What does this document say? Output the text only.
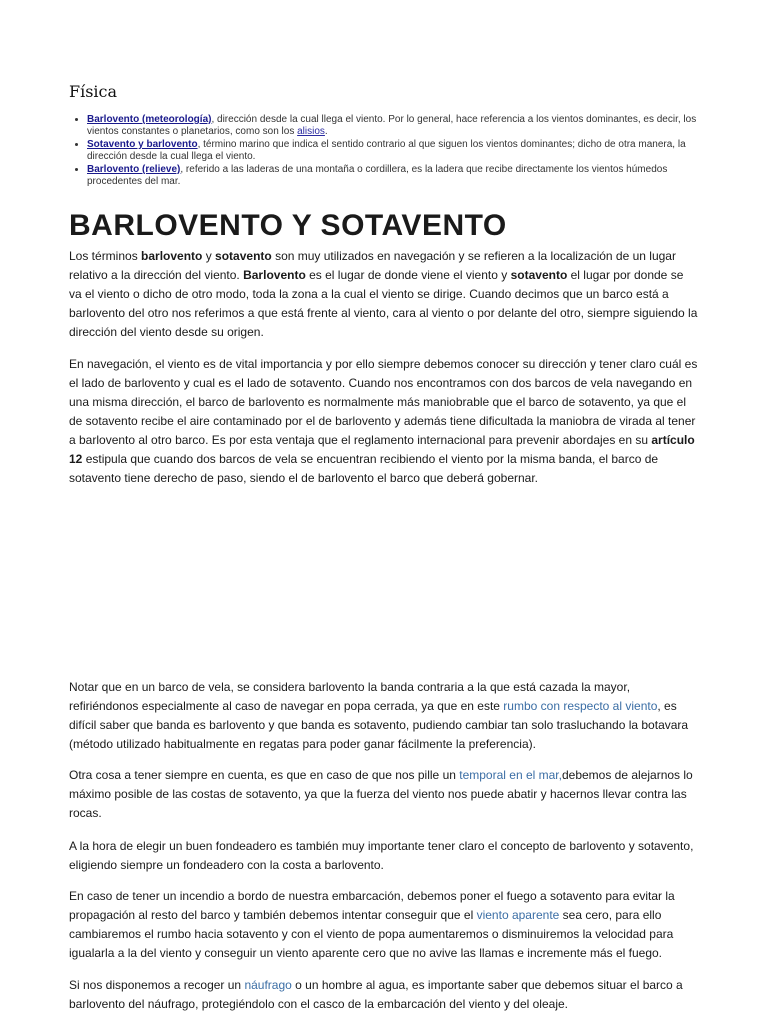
Física
• Barlovento (meteorología), dirección desde la cual llega el viento. Por lo general, hace referencia a los vientos dominantes, es decir, los vientos constantes o planetarios, como son los alisios.
• Sotavento y barlovento, término marino que indica el sentido contrario al que siguen los vientos dominantes; dicho de otra manera, la dirección desde la cual llega el viento.
• Barlovento (relieve), referido a las laderas de una montaña o cordillera, es la ladera que recibe directamente los vientos húmedos procedentes del mar.
BARLOVENTO Y SOTAVENTO

Los términos barlovento y sotavento son muy utilizados en navegación y se refieren a la localización de un lugar relativo a la dirección del viento. Barlovento es el lugar de donde viene el viento y sotavento el lugar por donde se va el viento o dicho de otro modo, toda la zona a la cual el viento se dirige. Cuando decimos que un barco está a barlovento del otro nos referimos a que está frente al viento, cara al viento o por delante del otro, siempre siguiendo la dirección del viento desde su origen.

En navegación, el viento es de vital importancia y por ello siempre debemos conocer su dirección y tener claro cuál es el lado de barlovento y cual es el lado de sotavento. Cuando nos encontramos con dos barcos de vela navegando en una misma dirección, el barco de barlovento es normalmente más maniobrable que el barco de sotavento, ya que el de sotavento recibe el aire contaminado por el de barlovento y además tiene dificultada la maniobra de virada al tener a barlovento al otro barco. Es por esta ventaja que el reglamento internacional para prevenir abordajes en su artículo 12 estipula que cuando dos barcos de vela se encuentran recibiendo el viento por la misma banda, el barco de sotavento tiene derecho de paso, siendo el de barlovento el barco que deberá gobernar.

Notar que en un barco de vela, se considera barlovento la banda contraria a la que está cazada la mayor, refiriéndonos especialmente al caso de navegar en popa cerrada, ya que en este rumbo con respecto al viento, es difícil saber que banda es barlovento y que banda es sotavento, pudiendo cambiar tan solo trasluchando la botavara (método utilizado habitualmente en regatas para poder ganar fácilmente la preferencia).

Otra cosa a tener siempre en cuenta, es que en caso de que nos pille un temporal en el mar,debemos de alejarnos lo máximo posible de las costas de sotavento, ya que la fuerza del viento nos puede abatir y hacernos llevar contra las rocas.

A la hora de elegir un buen fondeadero es también muy importante tener claro el concepto de barlovento y sotavento, eligiendo siempre un fondeadero con la costa a barlovento.

En caso de tener un incendio a bordo de nuestra embarcación, debemos poner el fuego a sotavento para evitar la propagación al resto del barco y también debemos intentar conseguir que el viento aparente sea cero, para ello cambiaremos el rumbo hacia sotavento y con el viento de popa aumentaremos o disminuiremos la velocidad para igualarla a la del viento y conseguir un viento aparente cero que no avive las llamas e incremente más el fuego.

Si nos disponemos a recoger un náufrago o un hombre al agua, es importante saber que debemos situar el barco a barlovento del náufrago, protegiéndolo con el casco de la embarcación del viento y del oleaje.
